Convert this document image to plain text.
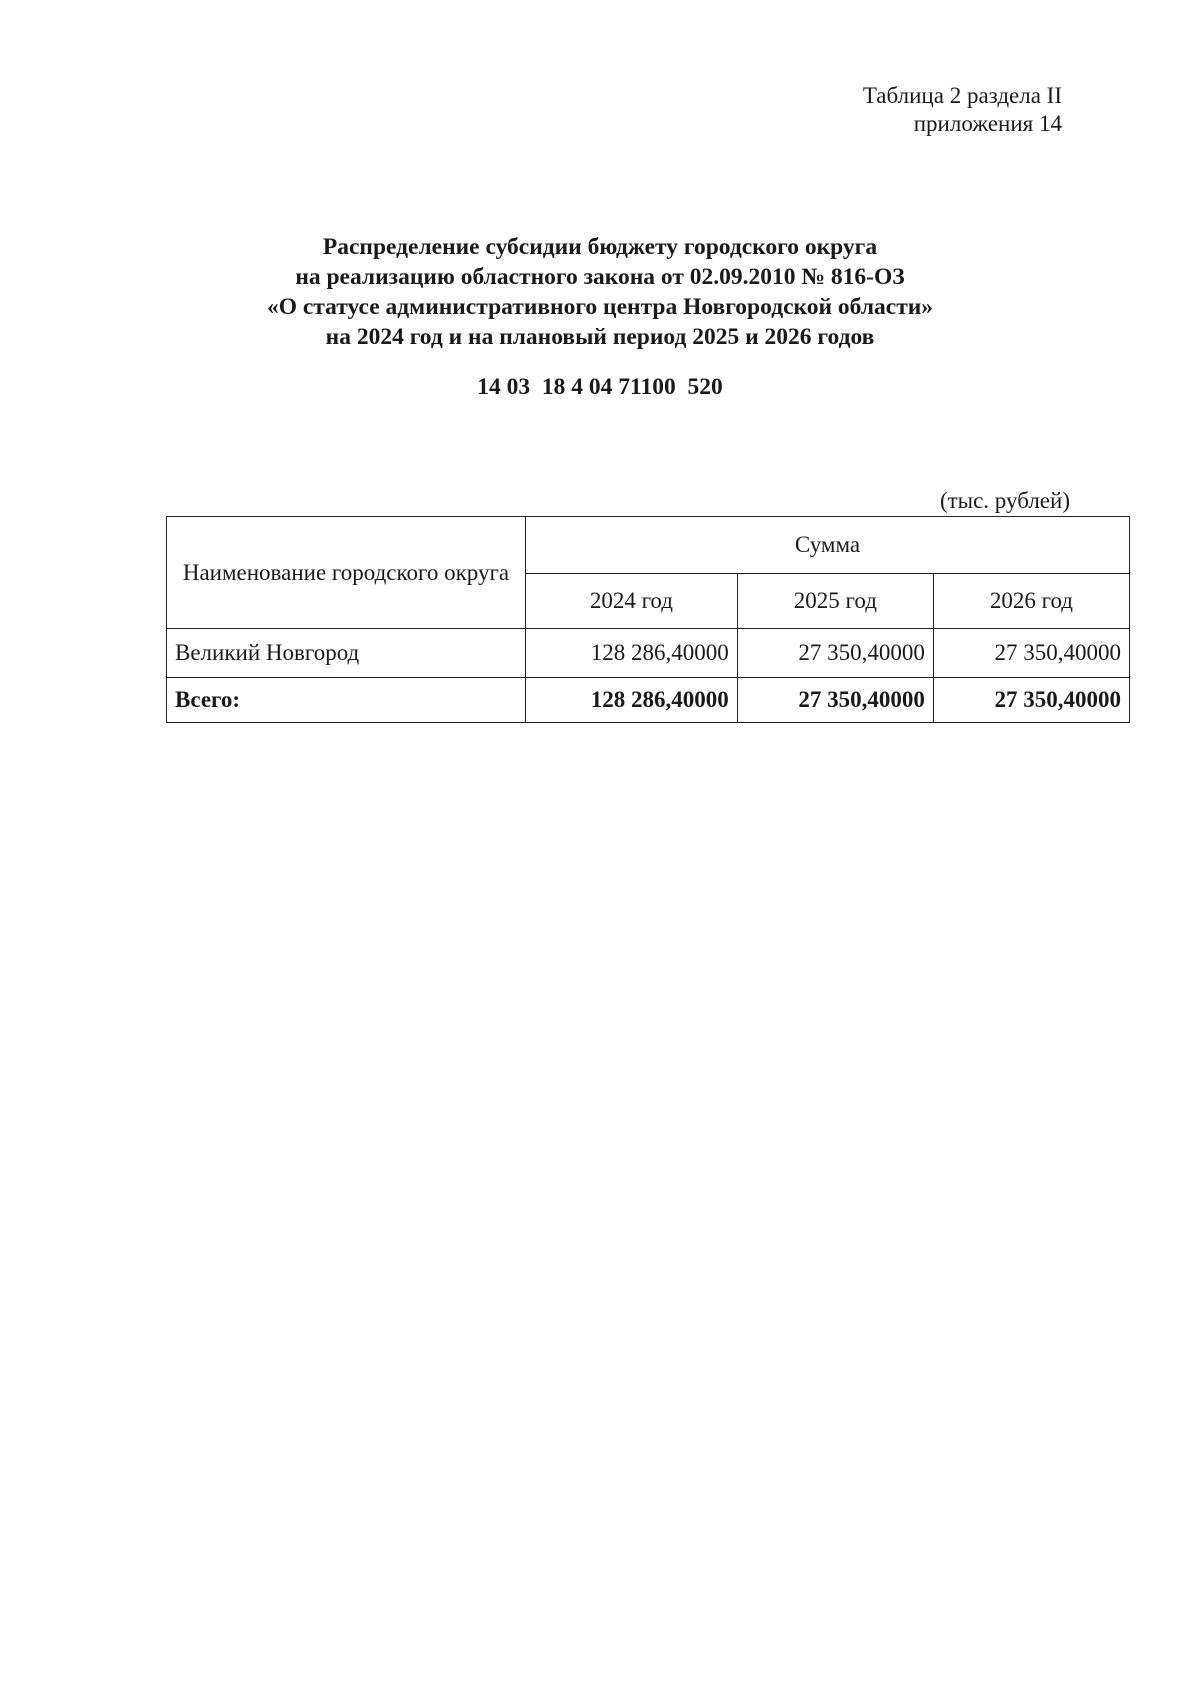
Таблица 2 раздела II
приложения 14
Распределение субсидии бюджету городского округа
на реализацию областного закона от 02.09.2010 № 816-ОЗ
«О статусе административного центра Новгородской области»
на 2024 год и на плановый период 2025 и 2026 годов
14 03  18 4 04 71100  520
(тыс. рублей)
Наименование городского округа	Сумма		
	2024 год	2025 год	2026 год
Великий Новгород	128 286,40000	27 350,40000	27 350,40000
Всего:	128 286,40000	27 350,40000	27 350,40000
